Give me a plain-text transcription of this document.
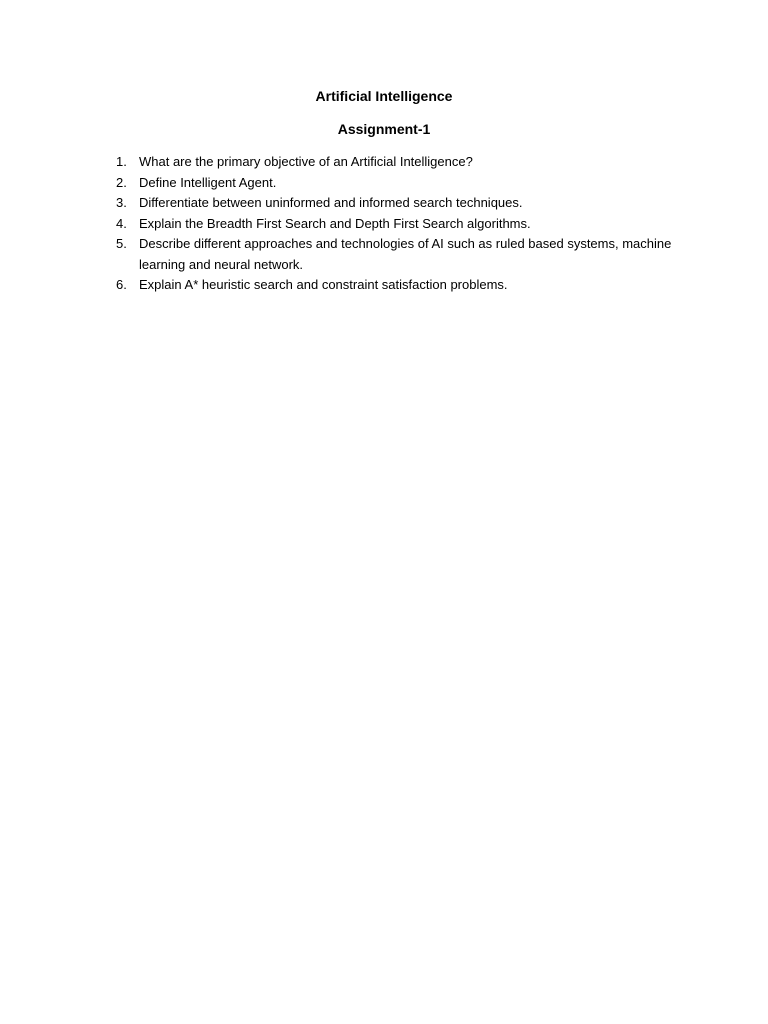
Artificial Intelligence
Assignment-1
1. What are the primary objective of an Artificial Intelligence?
2. Define Intelligent Agent.
3. Differentiate between uninformed and informed search techniques.
4. Explain the Breadth First Search and Depth First Search algorithms.
5. Describe different approaches and technologies of AI such as ruled based systems, machine learning and neural network.
6. Explain A* heuristic search and constraint satisfaction problems.
